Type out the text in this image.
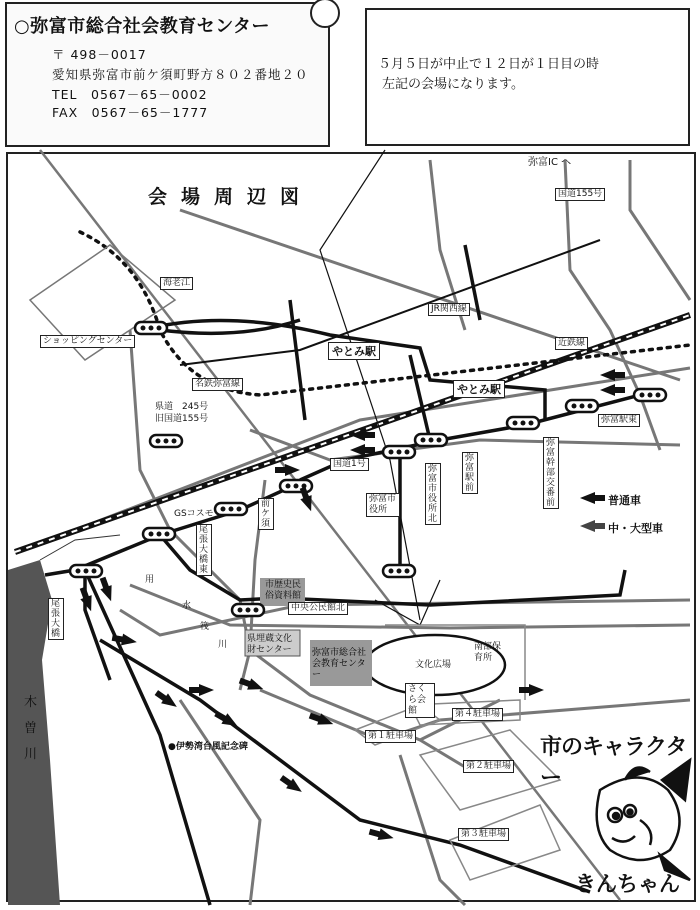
○弥富市総合社会教育センター
〒 498－0017
愛知県弥富市前ケ須町野方８０２番地２０
TEL　0567－65－0002
FAX　0567－65－1777
５月５日が中止で１２日が１日目の時
左記の会場になります。
会場周辺図
弥富IC へ
国道155号
海老江
ショッピングセンター
JR関西線
近鉄線
名鉄弥富線
やとみ駅
やとみ駅
県道　245号
旧国道155号	弥富駅東
国道1号
弥富市役所
弥富市役所北
弥富駅前
弥富幹部交番前
GSコスモ
前ケ須
尾張大橋東
尾張大橋
用
水
筏
川
市歴史民俗資料館
中央公民館北
県埋蔵文化財センター	弥富市総合社会教育センター
文化広場
南部保育所
さくら会館
第１駐車場
第２駐車場
第３駐車場
第４駐車場
●伊勢湾台風記念碑
木曽川
普通車
中・大型車
市のキャラクター
きんちゃん
